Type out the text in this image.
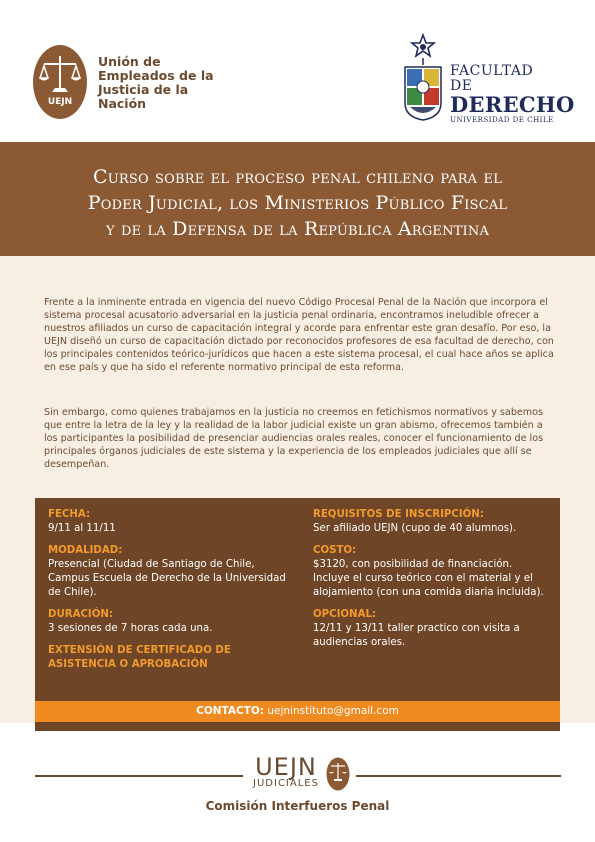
UEJN
Unión de
Empleados de la
Justicia de la
Nación
FACULTAD DE
DERECHO
UNIVERSIDAD DE CHILE
Curso sobre el proceso penal chileno para el
Poder Judicial, los Ministerios Público Fiscal
y de la Defensa de la República Argentina
Frente a la inminente entrada en vigencia del nuevo Código Procesal Penal de la Nación que incorpora el sistema procesal acusatorio adversarial en la justicia penal ordinaria, encontramos ineludible ofrecer a nuestros afiliados un curso de capacitación integral y acorde para enfrentar este gran desafío. Por eso, la UEJN diseñó un curso de capacitación dictado por reconocidos profesores de esa facultad de derecho, con los principales contenidos teórico-jurídicos que hacen a este sistema procesal, el cual hace años se aplica en ese país y que ha sido el referente normativo principal de esta reforma.
Sin embargo, como quienes trabajamos en la justicia no creemos en fetichismos normativos y sabemos que entre la letra de la ley y la realidad de la labor judicial existe un gran abismo, ofrecemos también a los participantes la posibilidad de presenciar audiencias orales reales, conocer el funcionamiento de los principales órganos judiciales de este sistema y la experiencia de los empleados judiciales que allí se desempeñan.
FECHA:
9/11 al 11/11
MODALIDAD:
Presencial (Ciudad de Santiago de Chile, Campus Escuela de Derecho de la Universidad de Chile).
DURACIÓN:
3 sesiones de 7 horas cada una.
EXTENSIÓN DE CERTIFICADO DE ASISTENCIA O APROBACIÓN
REQUISITOS DE INSCRIPCIÓN:
Ser afiliado UEJN (cupo de 40 alumnos).
COSTO:
$3120, con posibilidad de financiación. Incluye el curso teórico con el material y el alojamiento (con una comida diaria incluida).
OPCIONAL:
12/11 y 13/11 taller practico con visita a audiencias orales.
CONTACTO: uejninstituto@gmail.com
UEJN
JUDICIALES
Comisión Interfueros Penal
